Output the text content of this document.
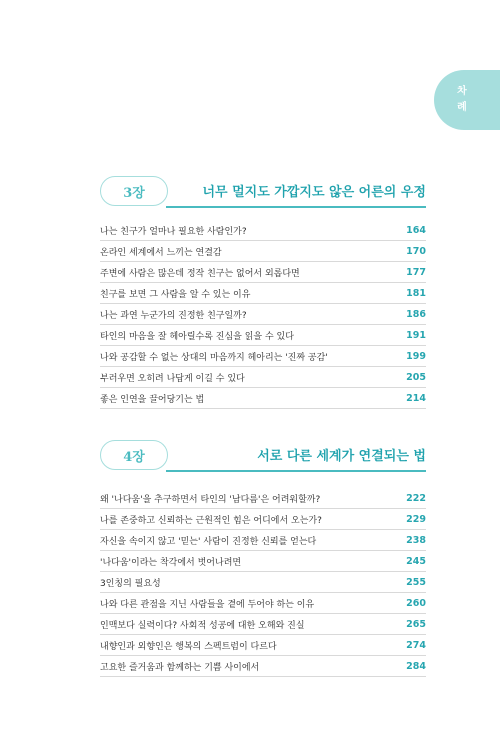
차
례
3장	너무 멀지도 가깝지도 않은 어른의 우정
나는 친구가 얼마나 필요한 사람인가?	164
온라인 세계에서 느끼는 연결감	170
주변에 사람은 많은데 정작 친구는 없어서 외롭다면	177
친구를 보면 그 사람을 알 수 있는 이유	181
나는 과연 누군가의 진정한 친구일까?	186
타인의 마음을 잘 헤아릴수록 진심을 읽을 수 있다	191
나와 공감할 수 없는 상대의 마음까지 헤아리는 '진짜 공감'	199
부러우면 오히려 나답게 이길 수 있다	205
좋은 인연을 끌어당기는 법	214
4장	서로 다른 세계가 연결되는 법
왜 '나다움'을 추구하면서 타인의 '남다름'은 어려워할까?	222
나를 존중하고 신뢰하는 근원적인 힘은 어디에서 오는가?	229
자신을 속이지 않고 '믿는' 사람이 진정한 신뢰를 얻는다	238
'나다움'이라는 착각에서 벗어나려면	245
3인칭의 필요성	255
나와 다른 관점을 지닌 사람들을 곁에 두어야 하는 이유	260
인맥보다 실력이다? 사회적 성공에 대한 오해와 진실	265
내향인과 외향인은 행복의 스펙트럼이 다르다	274
고요한 즐거움과 함께하는 기쁨 사이에서	284
